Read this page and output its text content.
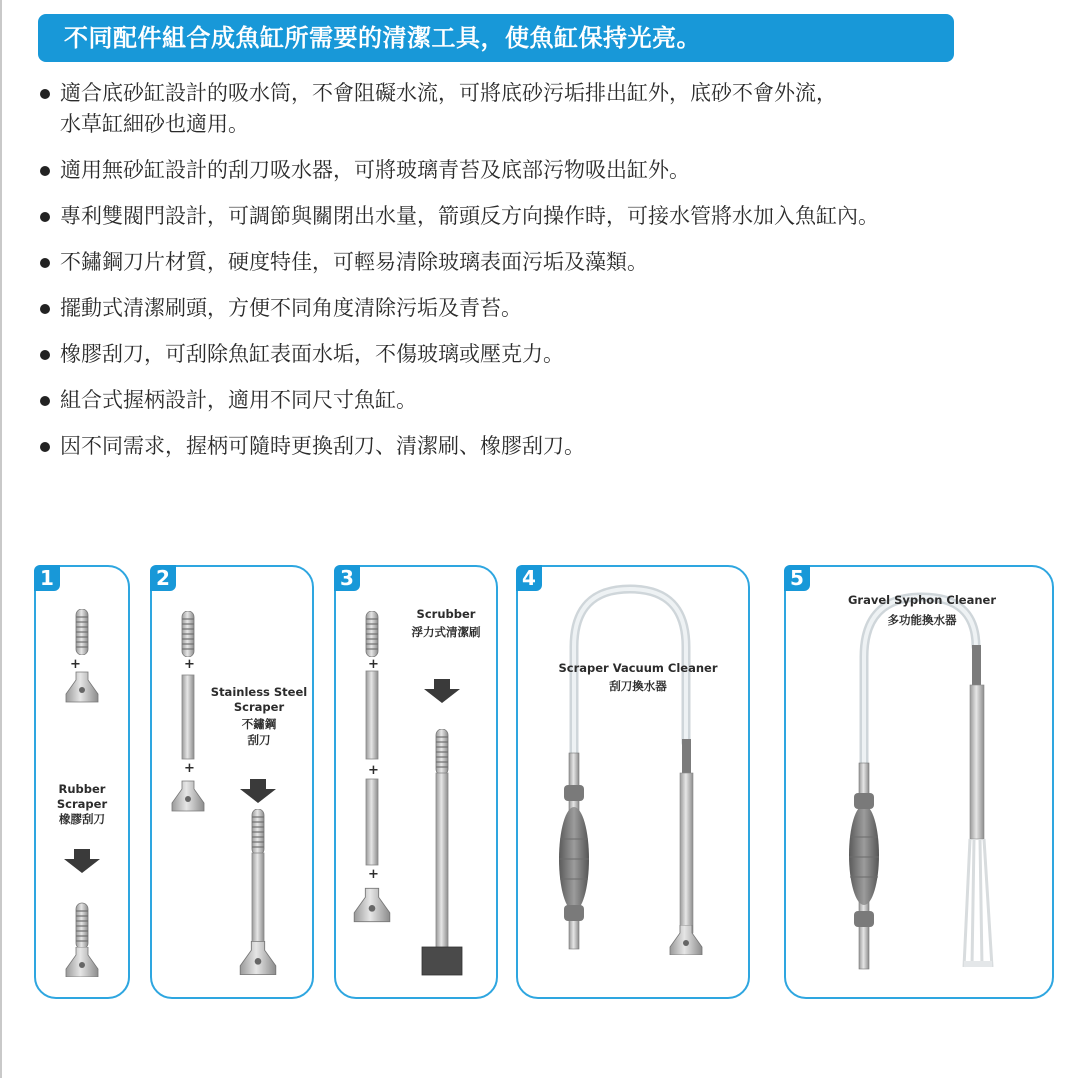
不同配件組合成魚缸所需要的清潔工具，使魚缸保持光亮。
適合底砂缸設計的吸水筒，不會阻礙水流，可將底砂污垢排出缸外，底砂不會外流，
水草缸細砂也適用。
適用無砂缸設計的刮刀吸水器，可將玻璃青苔及底部污物吸出缸外。
專利雙閥門設計，可調節與關閉出水量，箭頭反方向操作時，可接水管將水加入魚缸內。
不鏽鋼刀片材質，硬度特佳，可輕易清除玻璃表面污垢及藻類。
擺動式清潔刷頭，方便不同角度清除污垢及青苔。
橡膠刮刀，可刮除魚缸表面水垢，不傷玻璃或壓克力。
組合式握柄設計，適用不同尺寸魚缸。
因不同需求，握柄可隨時更換刮刀、清潔刷、橡膠刮刀。
1
+
Rubber
Scraper
橡膠刮刀
2
+
+
Stainless Steel
Scraper
不鏽鋼
刮刀
3
+
+
+
Scrubber
浮力式清潔刷
4
Scraper Vacuum Cleaner
刮刀換水器
5
Gravel Syphon Cleaner
多功能換水器
